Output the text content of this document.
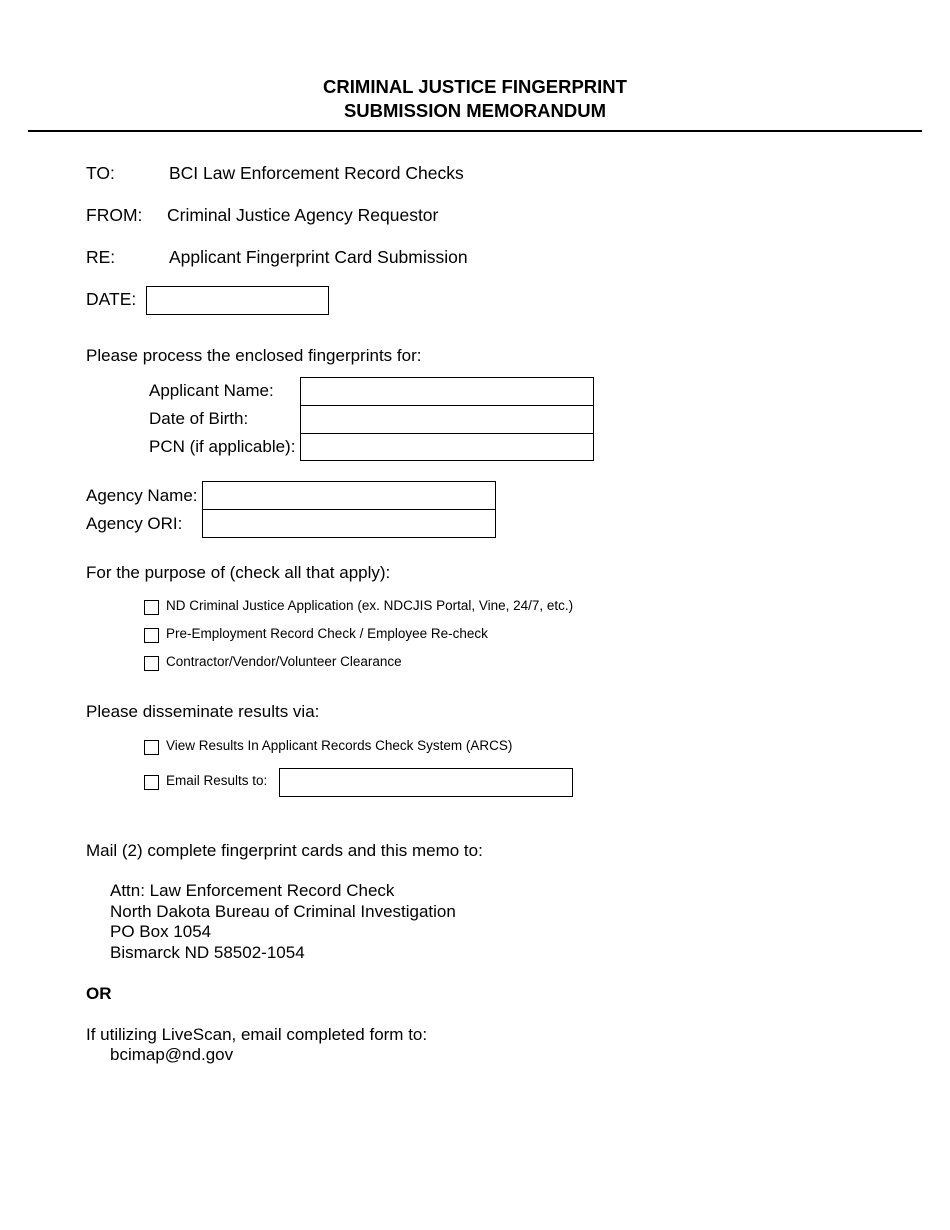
CRIMINAL JUSTICE FINGERPRINT
SUBMISSION MEMORANDUM
TO:	BCI Law Enforcement Record Checks
FROM: Criminal Justice Agency Requestor
RE:	Applicant Fingerprint Card Submission
DATE:
Please process the enclosed fingerprints for:
Applicant Name:
Date of Birth:
PCN (if applicable):
Agency Name:
Agency ORI:
For the purpose of (check all that apply):
ND Criminal Justice Application (ex. NDCJIS Portal, Vine, 24/7, etc.)
Pre-Employment Record Check / Employee Re-check
Contractor/Vendor/Volunteer Clearance
Please disseminate results via:
View Results In Applicant Records Check System (ARCS)
Email Results to:
Mail (2) complete fingerprint cards and this memo to:
Attn: Law Enforcement Record Check
North Dakota Bureau of Criminal Investigation
PO Box 1054
Bismarck ND 58502-1054
OR
If utilizing LiveScan, email completed form to:
bcimap@nd.gov
